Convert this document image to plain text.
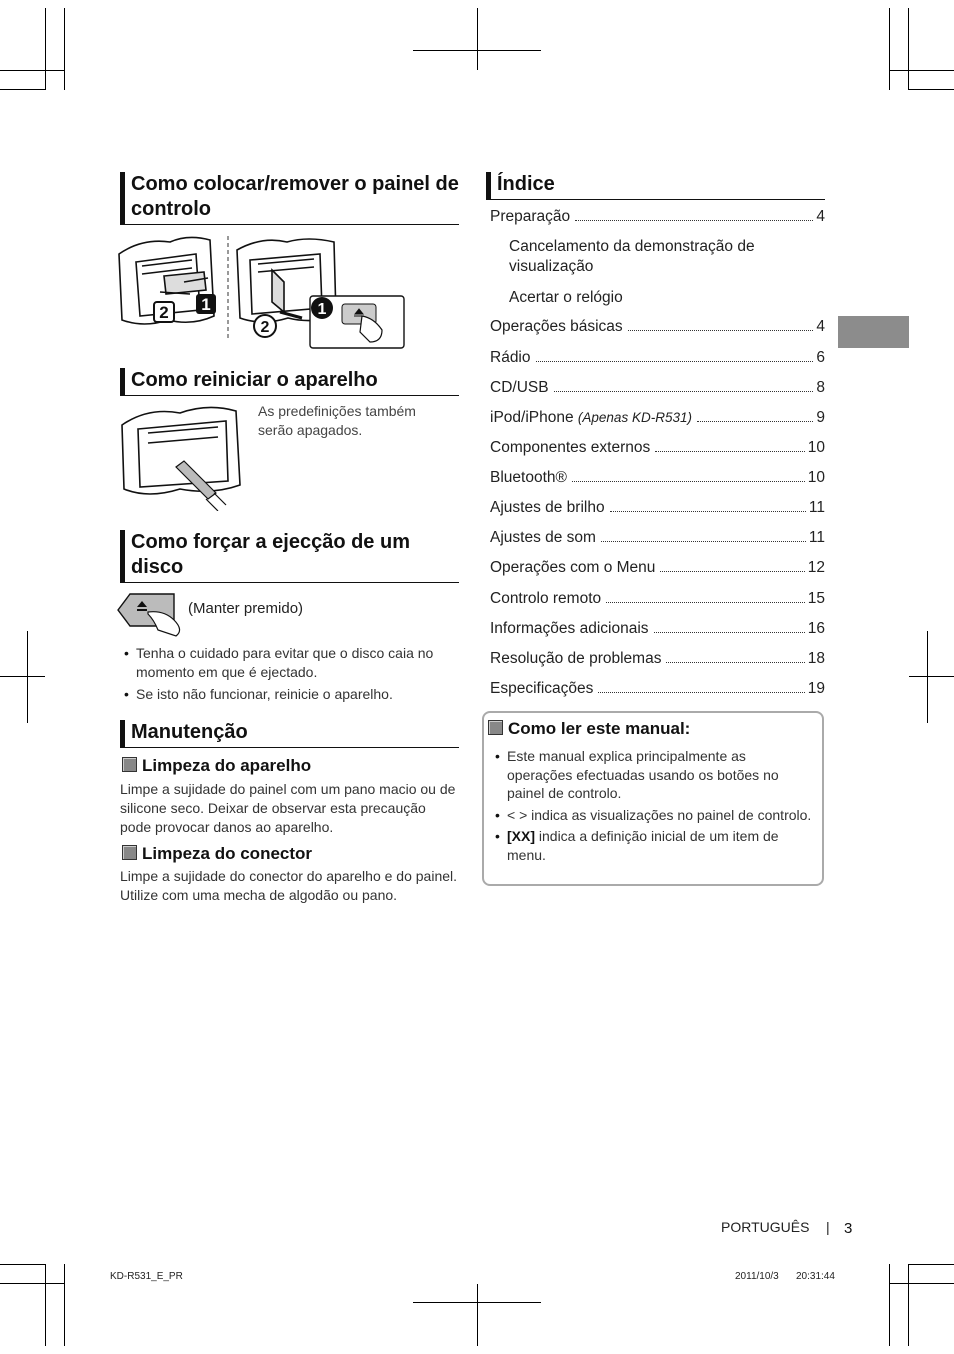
Como colocar/remover o painel de controlo
1
2	1
2
Como reiniciar o aparelho
As predefinições também serão apagados.
Como forçar a ejecção de um disco
(Manter premido)
• Tenha o cuidado para evitar que o disco caia no momento em que é ejectado.
• Se isto não funcionar, reinicie o aparelho.
Manutenção
Limpeza do aparelho
Limpe a sujidade do painel com um pano macio ou de silicone seco. Deixar de observar esta precaução pode provocar danos ao aparelho.
Limpeza do conector
Limpe a sujidade do conector do aparelho e do painel. Utilize com uma mecha de algodão ou pano.
Índice
Preparação	4
Cancelamento da demonstração de visualização
Acertar o relógio
Operações básicas	4
Rádio	6
CD/USB	8
iPod/iPhone (Apenas KD-R531)	9
Componentes externos	10
Bluetooth®	10
Ajustes de brilho	11
Ajustes de som	11
Operações com o Menu	12
Controlo remoto	15
Informações adicionais	16
Resolução de problemas	18
Especificações	19
Como ler este manual:
• Este manual explica principalmente as operações efectuadas usando os botões no painel de controlo.
• < > indica as visualizações no painel de controlo.
• [XX] indica a definição inicial de um item de menu.
PORTUGUÊS | 3
KD-R531_E_PR	2011/10/3 20:31:44
